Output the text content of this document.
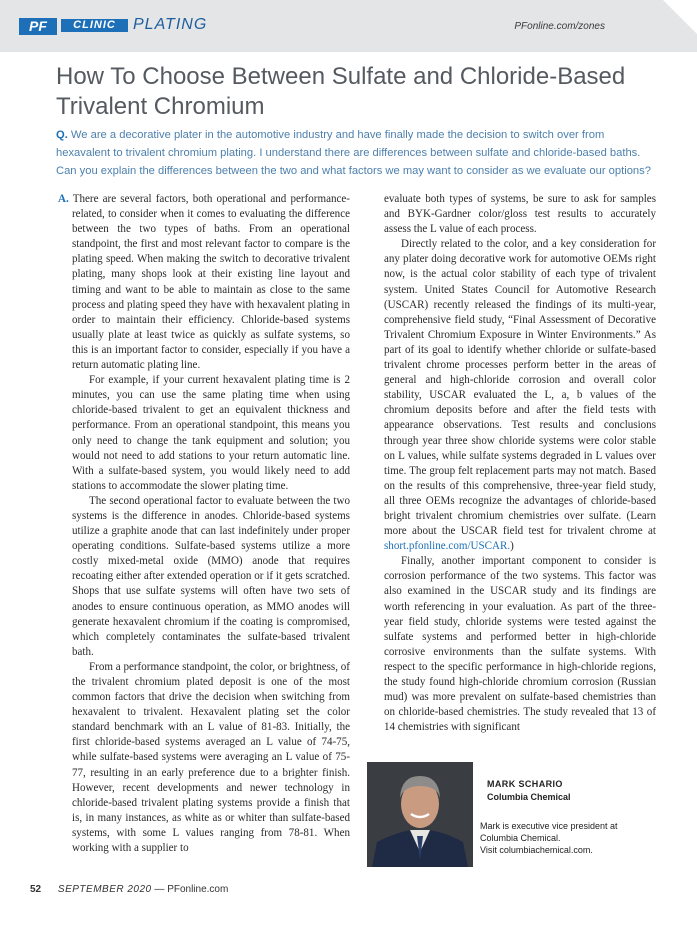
PF	CLINIC	PLATING	PFonline.com/zones
How To Choose Between Sulfate and Chloride-Based Trivalent Chromium
Q. We are a decorative plater in the automotive industry and have finally made the decision to switch over from hexavalent to trivalent chromium plating. I understand there are differences between sulfate and chloride-based baths. Can you explain the differences between the two and what factors we may want to consider as we evaluate our options?

A. There are several factors, both operational and performance-related, to consider when it comes to evaluating the difference between the two types of baths. From an operational standpoint, the first and most relevant factor to compare is the plating speed. When making the switch to decorative trivalent plating, many shops look at their existing line layout and timing and want to be able to maintain as close to the same process and plating speed they have with hexavalent plating in order to maintain their efficiency. Chloride-based systems usually plate at least twice as quickly as sulfate systems, so this is an important factor to consider, especially if you have a return automatic plating line.

For example, if your current hexavalent plating time is 2 minutes, you can use the same plating time when using chloride-based trivalent to get an equivalent thickness and performance. From an operational standpoint, this means you only need to change the tank equipment and solution; you would not need to add stations to your return automatic line. With a sulfate-based system, you would likely need to add stations to accommodate the slower plating time.

The second operational factor to evaluate between the two systems is the difference in anodes. Chloride-based systems utilize a graphite anode that can last indefinitely under proper operating conditions. Sulfate-based systems utilize a more costly mixed-metal oxide (MMO) anode that requires recoating either after extended operation or if it gets scratched. Shops that use sulfate systems will often have two sets of anodes to ensure continuous operation, as MMO anodes will generate hexavalent chromium if the coating is compromised, which completely contaminates the sulfate-based trivalent bath.

From a performance standpoint, the color, or brightness, of the trivalent chromium plated deposit is one of the most common factors that drive the decision when switching from hexavalent to trivalent. Hexavalent plating set the color standard benchmark with an L value of 81-83. Initially, the first chloride-based systems averaged an L value of 74-75, while sulfate-based systems were averaging an L value of 75-77, resulting in an early preference due to a brighter finish. However, recent developments and newer technology in chloride-based trivalent plating systems provide a finish that is, in many instances, as white as or whiter than sulfate-based systems, with some L values ranging from 78-81. When working with a supplier to

evaluate both types of systems, be sure to ask for samples and BYK-Gardner color/gloss test results to accurately assess the L value of each process.

Directly related to the color, and a key consideration for any plater doing decorative work for automotive OEMs right now, is the actual color stability of each type of trivalent system. United States Council for Automotive Research (USCAR) recently released the findings of its multi-year, comprehensive field study, “Final Assessment of Decorative Trivalent Chromium Exposure in Winter Environments.” As part of its goal to identify whether chloride or sulfate-based trivalent chrome processes perform better in the areas of general and high-chloride corrosion and overall color stability, USCAR evaluated the L, a, b values of the chromium deposits before and after the field tests with appearance observations. Test results and conclusions through year three show chloride systems were color stable on L values, while sulfate systems degraded in L values over time. The group felt replacement parts may not match. Based on the results of this comprehensive, three-year field study, all three OEMs recognize the advantages of chloride-based bright trivalent chromium chemistries over sulfate. (Learn more about the USCAR field test for trivalent chrome at short.pfonline.com/USCAR.)

Finally, another important component to consider is corrosion performance of the two systems. This factor was also examined in the USCAR study and its findings are worth referencing in your evaluation. As part of the three-year field study, chloride systems were tested against the sulfate systems and performed better in high-chloride corrosive environments than the sulfate systems. With respect to the specific performance in high-chloride regions, the study found high-chloride chromium corrosion (Russian mud) was more prevalent on sulfate-based chemistries than on chloride-based chemistries. The study revealed that 13 of 14 chemistries with significant

MARK SCHARIO
Columbia Chemical
Mark is executive vice president at Columbia Chemical.
Visit columbiachemical.com.
52 SEPTEMBER 2020 — PFonline.com
